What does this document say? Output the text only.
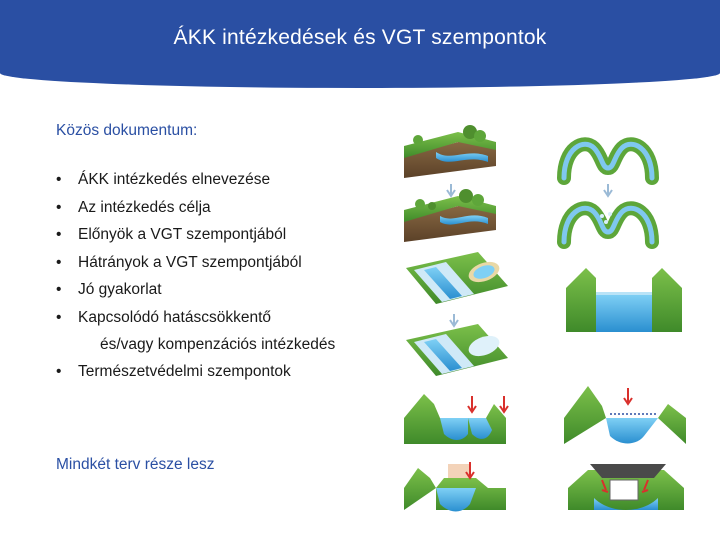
ÁKK intézkedések és VGT szempontok
Közös dokumentum:
•	ÁKK intézkedés elnevezése
•	Az intézkedés célja
•	Előnyök a VGT szempontjából
•	Hátrányok a VGT szempontjából
•	Jó gyakorlat
•	Kapcsolódó hatáscsökkentő
és/vagy kompenzációs intézkedés
•	Természetvédelmi szempontok
Mindkét terv része lesz
